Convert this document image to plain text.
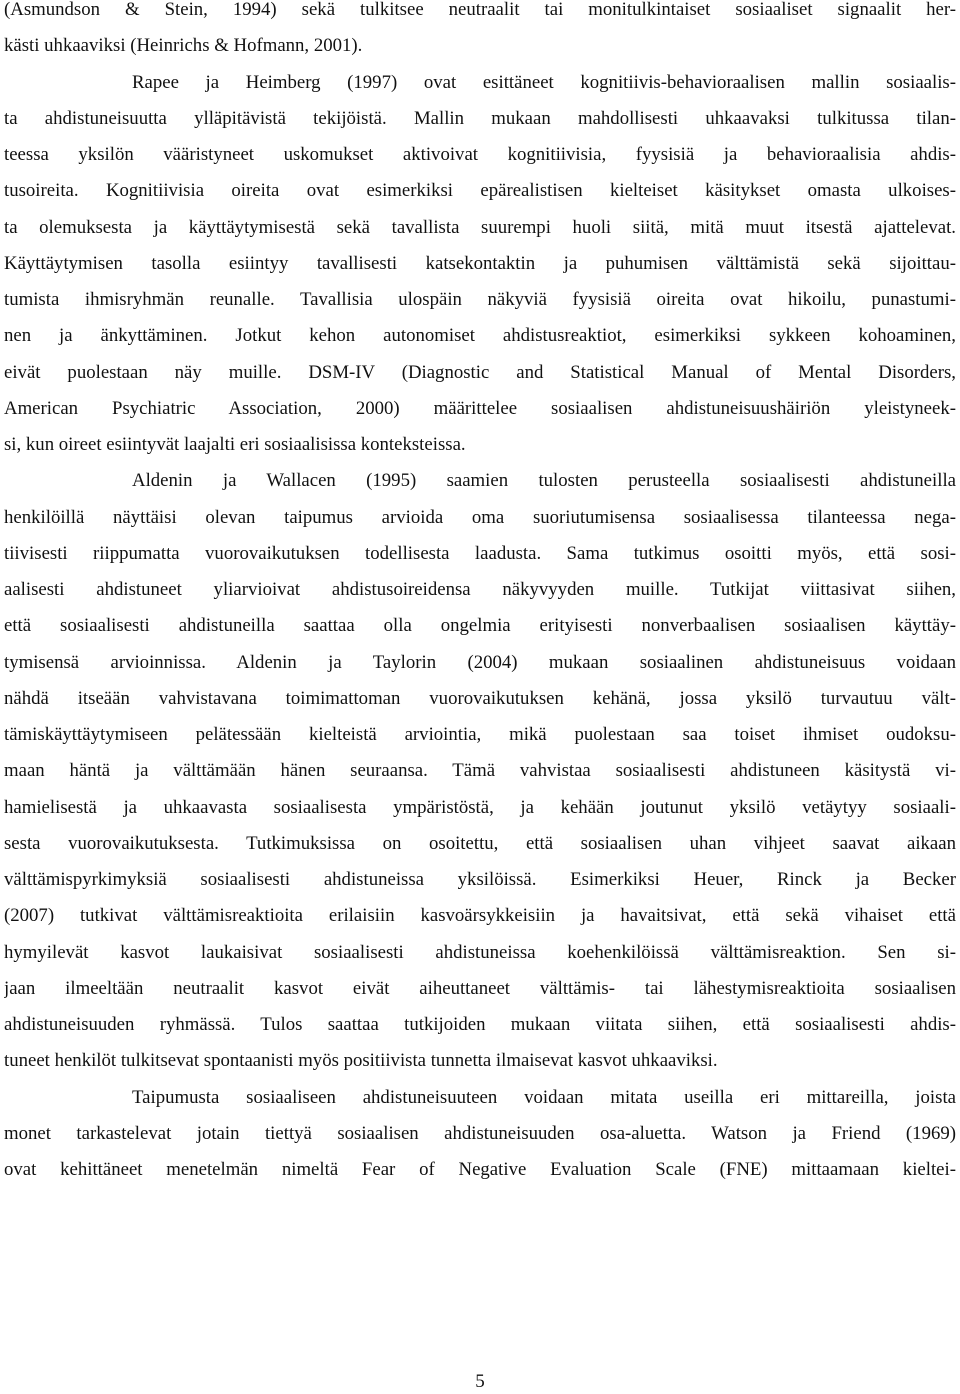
(Asmundson & Stein, 1994) sekä tulkitsee neutraalit tai monitulkintaiset sosiaaliset signaalit her-
kästi uhkaaviksi (Heinrichs & Hofmann, 2001).
Rapee ja Heimberg (1997) ovat esittäneet kognitiivis-behavioraalisen mallin sosiaalis-
ta ahdistuneisuutta ylläpitävistä tekijöistä. Mallin mukaan mahdollisesti uhkaavaksi tulkitussa tilan-
teessa yksilön vääristyneet uskomukset aktivoivat kognitiivisia, fyysisiä ja behavioraalisia ahdis-
tusoireita. Kognitiivisia oireita ovat esimerkiksi epärealistisen kielteiset käsitykset omasta ulkoises-
ta olemuksesta ja käyttäytymisestä sekä tavallista suurempi huoli siitä, mitä muut itsestä ajattelevat.
Käyttäytymisen tasolla esiintyy tavallisesti katsekontaktin ja puhumisen välttämistä sekä sijoittau-
tumista ihmisryhmän reunalle. Tavallisia ulospäin näkyviä fyysisiä oireita ovat hikoilu, punastumi-
nen ja änkyttäminen. Jotkut kehon autonomiset ahdistusreaktiot, esimerkiksi sykkeen kohoaminen,
eivät puolestaan näy muille. DSM-IV (Diagnostic and Statistical Manual of Mental Disorders,
American Psychiatric Association, 2000) määrittelee sosiaalisen ahdistuneisuushäiriön yleistyneek-
si, kun oireet esiintyvät laajalti eri sosiaalisissa konteksteissa.
Aldenin ja Wallacen (1995) saamien tulosten perusteella sosiaalisesti ahdistuneilla
henkilöillä näyttäisi olevan taipumus arvioida oma suoriutumisensa sosiaalisessa tilanteessa nega-
tiivisesti riippumatta vuorovaikutuksen todellisesta laadusta. Sama tutkimus osoitti myös, että sosi-
aalisesti ahdistuneet yliarvioivat ahdistusoireidensa näkyvyyden muille. Tutkijat viittasivat siihen,
että sosiaalisesti ahdistuneilla saattaa olla ongelmia erityisesti nonverbaalisen sosiaalisen käyttäy-
tymisensä arvioinnissa. Aldenin ja Taylorin (2004) mukaan sosiaalinen ahdistuneisuus voidaan
nähdä itseään vahvistavana toimimattoman vuorovaikutuksen kehänä, jossa yksilö turvautuu vält-
tämiskäyttäytymiseen pelätessään kielteistä arviointia, mikä puolestaan saa toiset ihmiset oudoksu-
maan häntä ja välttämään hänen seuraansa. Tämä vahvistaa sosiaalisesti ahdistuneen käsitystä vi-
hamielisestä ja uhkaavasta sosiaalisesta ympäristöstä, ja kehään joutunut yksilö vetäytyy sosiaali-
sesta vuorovaikutuksesta. Tutkimuksissa on osoitettu, että sosiaalisen uhan vihjeet saavat aikaan
välttämispyrkimyksiä sosiaalisesti ahdistuneissa yksilöissä. Esimerkiksi Heuer, Rinck ja Becker
(2007) tutkivat välttämisreaktioita erilaisiin kasvoärsykkeisiin ja havaitsivat, että sekä vihaiset että
hymyilevät kasvot laukaisivat sosiaalisesti ahdistuneissa koehenkilöissä välttämisreaktion. Sen si-
jaan ilmeeltään neutraalit kasvot eivät aiheuttaneet välttämis- tai lähestymisreaktioita sosiaalisen
ahdistuneisuuden ryhmässä. Tulos saattaa tutkijoiden mukaan viitata siihen, että sosiaalisesti ahdis-
tuneet henkilöt tulkitsevat spontaanisti myös positiivista tunnetta ilmaisevat kasvot uhkaaviksi.
Taipumusta sosiaaliseen ahdistuneisuuteen voidaan mitata useilla eri mittareilla, joista
monet tarkastelevat jotain tiettyä sosiaalisen ahdistuneisuuden osa-aluetta. Watson ja Friend (1969)
ovat kehittäneet menetelmän nimeltä Fear of Negative Evaluation Scale (FNE) mittaamaan kieltei-
5
